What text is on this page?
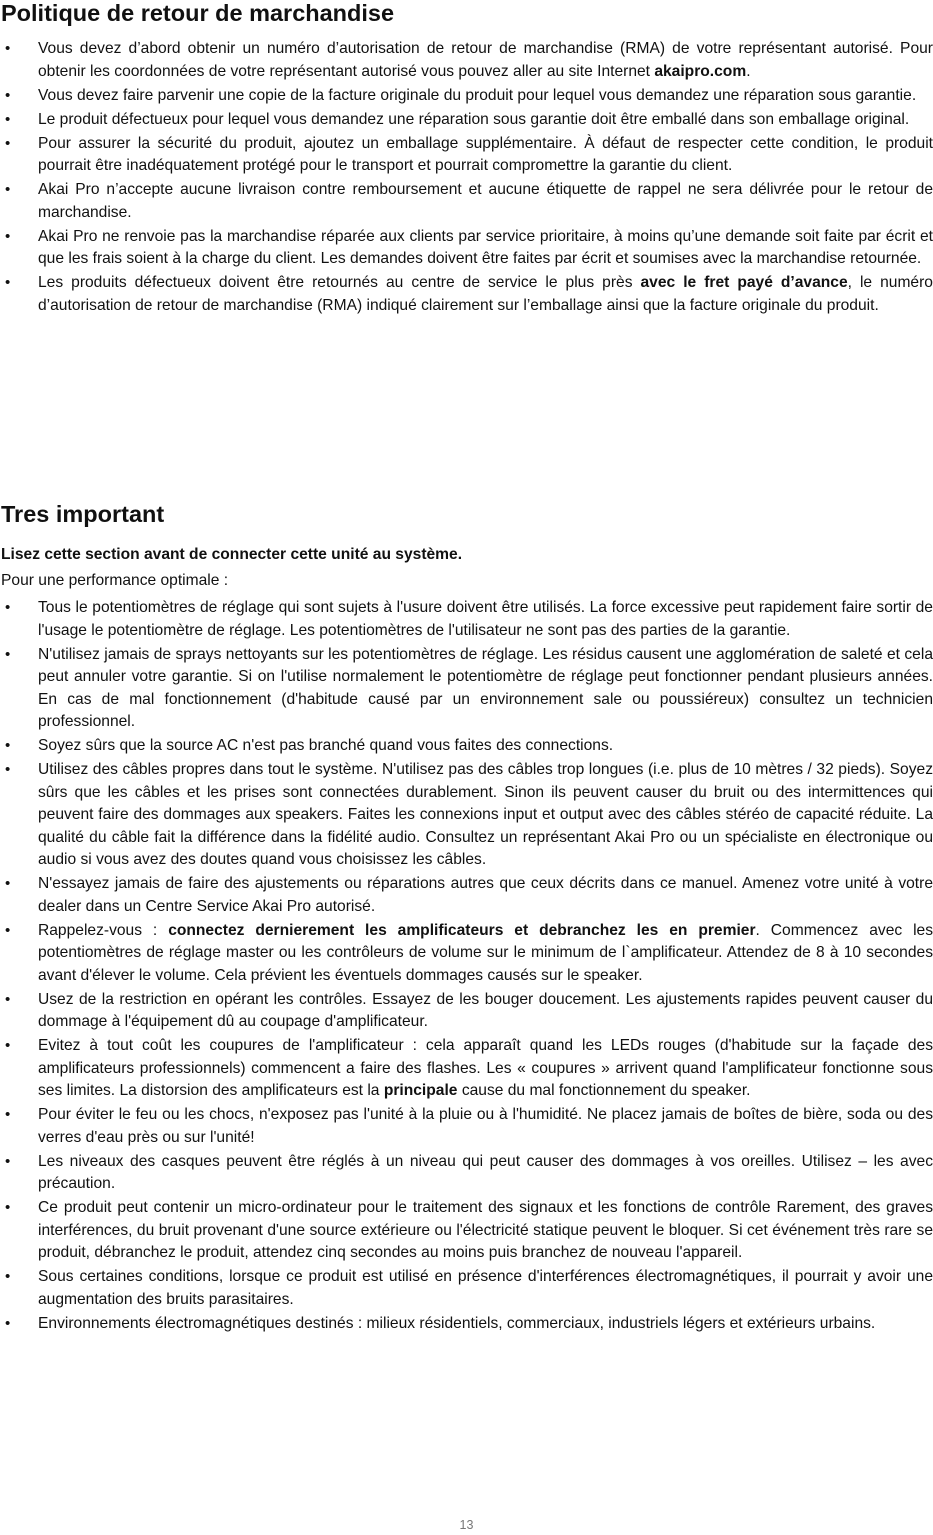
Politique de retour de marchandise
• Vous devez d’abord obtenir un numéro d’autorisation de retour de marchandise (RMA) de votre représentant autorisé. Pour obtenir les coordonnées de votre représentant autorisé vous pouvez aller au site Internet akaipro.com.
• Vous devez faire parvenir une copie de la facture originale du produit pour lequel vous demandez une réparation sous garantie.
• Le produit défectueux pour lequel vous demandez une réparation sous garantie doit être emballé dans son emballage original.
• Pour assurer la sécurité du produit, ajoutez un emballage supplémentaire. À défaut de respecter cette condition, le produit pourrait être inadéquatement protégé pour le transport et pourrait compromettre la garantie du client.
• Akai Pro n’accepte aucune livraison contre remboursement et aucune étiquette de rappel ne sera délivrée pour le retour de marchandise.
• Akai Pro ne renvoie pas la marchandise réparée aux clients par service prioritaire, à moins qu’une demande soit faite par écrit et que les frais soient à la charge du client. Les demandes doivent être faites par écrit et soumises avec la marchandise retournée.
• Les produits défectueux doivent être retournés au centre de service le plus près avec le fret payé d’avance, le numéro d’autorisation de retour de marchandise (RMA) indiqué clairement sur l’emballage ainsi que la facture originale du produit.
Tres important

Lisez cette section avant de connecter cette unité au système.

Pour une performance optimale :

• Tous le potentiomètres de réglage qui sont sujets à l'usure doivent être utilisés. La force excessive peut rapidement faire sortir de l'usage le potentiomètre de réglage. Les potentiomètres de l'utilisateur ne sont pas des parties de la garantie.
• N'utilisez jamais de sprays nettoyants sur les potentiomètres de réglage. Les résidus causent une agglomération de saleté et cela peut annuler votre garantie. Si on l'utilise normalement le potentiomètre de réglage peut fonctionner pendant plusieurs années. En cas de mal fonctionnement (d'habitude causé par un environnement sale ou poussiéreux) consultez un technicien professionnel.
• Soyez sûrs que la source AC n'est pas branché quand vous faites des connections.
• Utilisez des câbles propres dans tout le système. N'utilisez pas des câbles trop longues (i.e. plus de 10 mètres / 32 pieds). Soyez sûrs que les câbles et les prises sont connectées durablement. Sinon ils peuvent causer du bruit ou des intermittences qui peuvent faire des dommages aux speakers. Faites les connexions input et output avec des câbles stéréo de capacité réduite. La qualité du câble fait la différence dans la fidélité audio. Consultez un représentant Akai Pro ou un spécialiste en électronique ou audio si vous avez des doutes quand vous choisissez les câbles.
• N'essayez jamais de faire des ajustements ou réparations autres que ceux décrits dans ce manuel. Amenez votre unité à votre dealer dans un Centre Service Akai Pro autorisé.
• Rappelez-vous : connectez dernierement les amplificateurs et debranchez les en premier. Commencez avec les potentiomètres de réglage master ou les contrôleurs de volume sur le minimum de l`amplificateur. Attendez de 8 à 10 secondes avant d'élever le volume. Cela prévient les éventuels dommages causés sur le speaker.
• Usez de la restriction en opérant les contrôles. Essayez de les bouger doucement. Les ajustements rapides peuvent causer du dommage à l'équipement dû au coupage d'amplificateur.
• Evitez à tout coût les coupures de l'amplificateur : cela apparaît quand les LEDs rouges (d'habitude sur la façade des amplificateurs professionnels) commencent a faire des flashes. Les « coupures » arrivent quand l'amplificateur fonctionne sous ses limites. La distorsion des amplificateurs est la principale cause du mal fonctionnement du speaker.
• Pour éviter le feu ou les chocs, n'exposez pas l'unité à la pluie ou à l'humidité. Ne placez jamais de boîtes de bière, soda ou des verres d'eau près ou sur l'unité!
• Les niveaux des casques peuvent être réglés à un niveau qui peut causer des dommages à vos oreilles. Utilisez – les avec précaution.
• Ce produit peut contenir un micro-ordinateur pour le traitement des signaux et les fonctions de contrôle Rarement, des graves interférences, du bruit provenant d'une source extérieure ou l'électricité statique peuvent le bloquer. Si cet événement très rare se produit, débranchez le produit, attendez cinq secondes au moins puis branchez de nouveau l'appareil.
• Sous certaines conditions, lorsque ce produit est utilisé en présence d'interférences électromagnétiques, il pourrait y avoir une augmentation des bruits parasitaires.
• Environnements électromagnétiques destinés : milieux résidentiels, commerciaux, industriels légers et extérieurs urbains.
13
